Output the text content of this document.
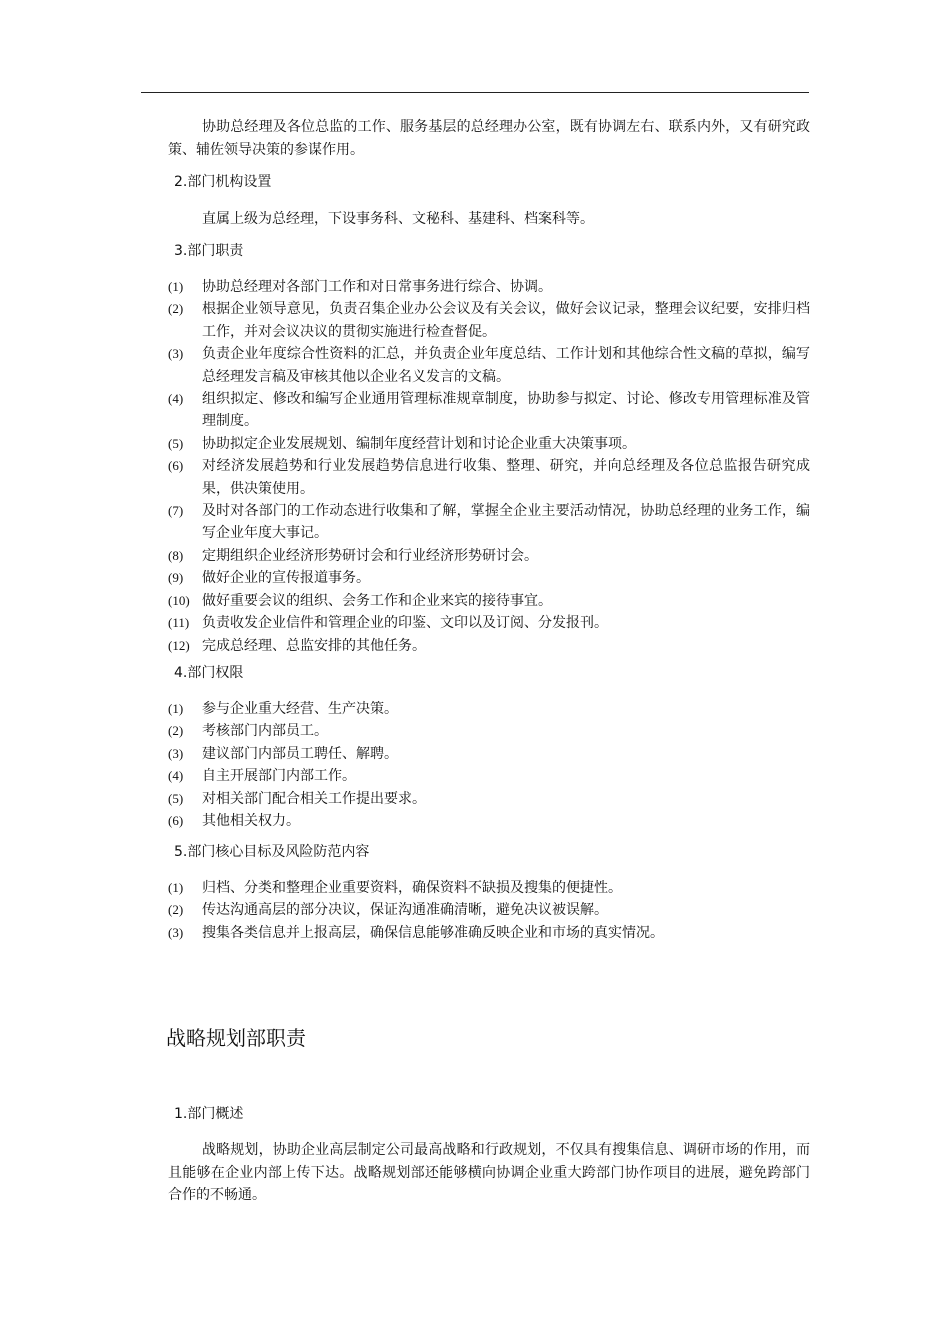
协助总经理及各位总监的工作、服务基层的总经理办公室，既有协调左右、联系内外，又有研究政策、辅佐领导决策的参谋作用。

2.部门机构设置

直属上级为总经理，下设事务科、文秘科、基建科、档案科等。

3.部门职责
(1)	协助总经理对各部门工作和对日常事务进行综合、协调。
(2)	根据企业领导意见，负责召集企业办公会议及有关会议，做好会议记录，整理会议纪要，安排归档工作，并对会议决议的贯彻实施进行检查督促。
(3)	负责企业年度综合性资料的汇总，并负责企业年度总结、工作计划和其他综合性文稿的草拟，编写总经理发言稿及审核其他以企业名义发言的文稿。
(4)	组织拟定、修改和编写企业通用管理标准规章制度，协助参与拟定、讨论、修改专用管理标准及管理制度。
(5)	协助拟定企业发展规划、编制年度经营计划和讨论企业重大决策事项。
(6)	对经济发展趋势和行业发展趋势信息进行收集、整理、研究，并向总经理及各位总监报告研究成果，供决策使用。
(7)	及时对各部门的工作动态进行收集和了解，掌握全企业主要活动情况，协助总经理的业务工作，编写企业年度大事记。
(8)	定期组织企业经济形势研讨会和行业经济形势研讨会。
(9)	做好企业的宣传报道事务。
(10) 做好重要会议的组织、会务工作和企业来宾的接待事宜。
(11) 负责收发企业信件和管理企业的印鉴、文印以及订阅、分发报刊。
(12) 完成总经理、总监安排的其他任务。
4.部门权限
(1)	参与企业重大经营、生产决策。
(2)	考核部门内部员工。
(3)	建议部门内部员工聘任、解聘。
(4)	自主开展部门内部工作。
(5)	对相关部门配合相关工作提出要求。
(6)	其他相关权力。
5.部门核心目标及风险防范内容
(1)	归档、分类和整理企业重要资料，确保资料不缺损及搜集的便捷性。
(2)	传达沟通高层的部分决议，保证沟通准确清晰，避免决议被误解。
(3)	搜集各类信息并上报高层，确保信息能够准确反映企业和市场的真实情况。
战略规划部职责
1.部门概述

战略规划，协助企业高层制定公司最高战略和行政规划，不仅具有搜集信息、调研市场的作用，而且能够在企业内部上传下达。战略规划部还能够横向协调企业重大跨部门协作项目的进展，避免跨部门合作的不畅通。
